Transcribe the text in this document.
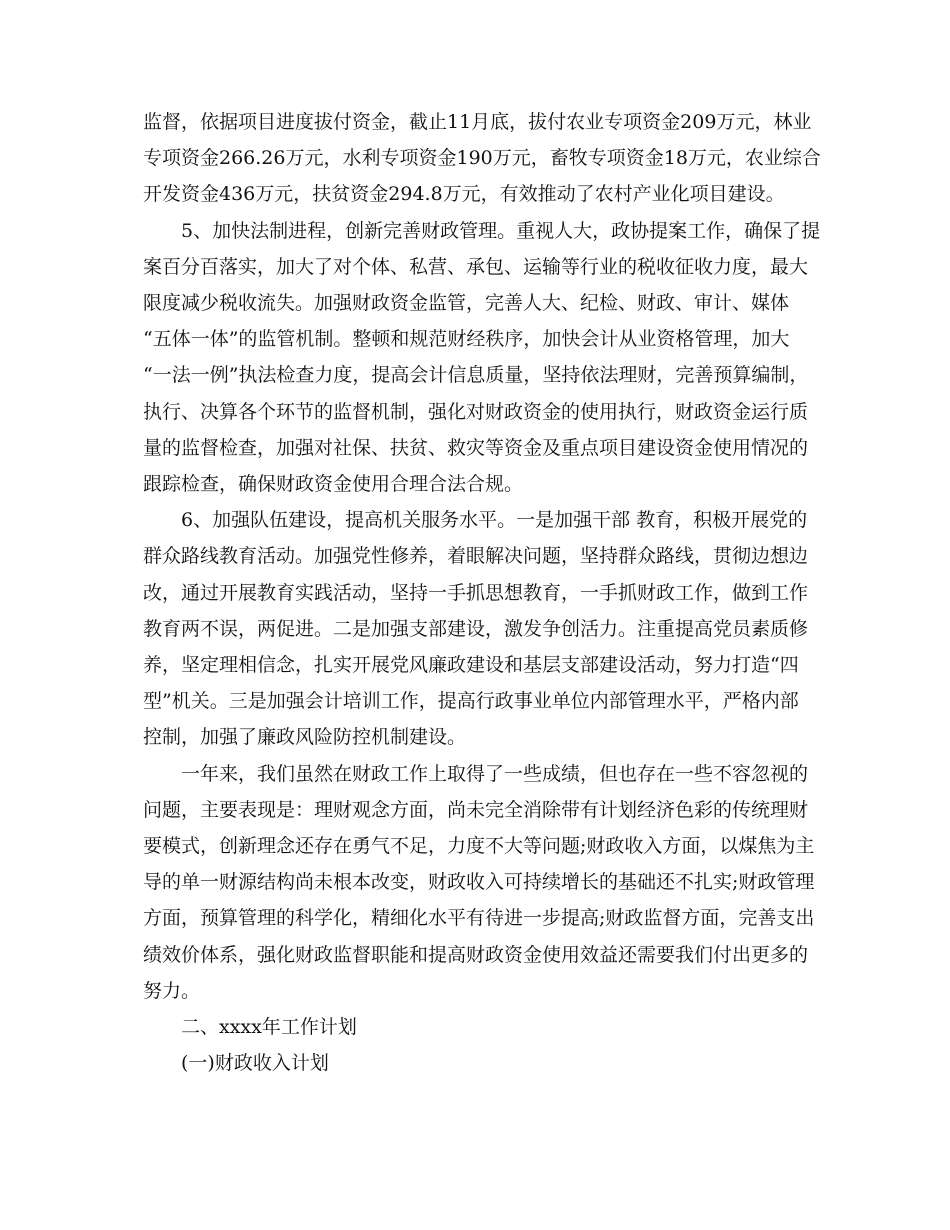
监督，依据项目进度拔付资金，截止11月底，拔付农业专项资金209万元，林业
专项资金266.26万元，水利专项资金190万元，畜牧专项资金18万元，农业综合
开发资金436万元，扶贫资金294.8万元，有效推动了农村产业化项目建设。
5、加快法制进程，创新完善财政管理。重视人大，政协提案工作，确保了提
案百分百落实，加大了对个体、私营、承包、运输等行业的税收征收力度，最大
限度减少税收流失。加强财政资金监管，完善人大、纪检、财政、审计、媒体
“五体一体”的监管机制。整顿和规范财经秩序，加快会计从业资格管理，加大
“一法一例”执法检查力度，提高会计信息质量，坚持依法理财，完善预算编制，
执行、决算各个环节的监督机制，强化对财政资金的使用执行，财政资金运行质
量的监督检查，加强对社保、扶贫、救灾等资金及重点项目建设资金使用情况的
跟踪检查，确保财政资金使用合理合法合规。
6、加强队伍建设，提高机关服务水平。一是加强干部 教育，积极开展党的
群众路线教育活动。加强党性修养，着眼解决问题，坚持群众路线，贯彻边想边
改，通过开展教育实践活动，坚持一手抓思想教育，一手抓财政工作，做到工作
教育两不误，两促进。二是加强支部建设，激发争创活力。注重提高党员素质修
养，坚定理相信念，扎实开展党风廉政建设和基层支部建设活动，努力打造“四
型”机关。三是加强会计培训工作，提高行政事业单位内部管理水平，严格内部
控制，加强了廉政风险防控机制建设。
一年来，我们虽然在财政工作上取得了一些成绩，但也存在一些不容忽视的
问题，主要表现是：理财观念方面，尚未完全消除带有计划经济色彩的传统理财
要模式，创新理念还存在勇气不足，力度不大等问题;财政收入方面，以煤焦为主
导的单一财源结构尚未根本改变，财政收入可持续增长的基础还不扎实;财政管理
方面，预算管理的科学化，精细化水平有待进一步提高;财政监督方面，完善支出
绩效价体系，强化财政监督职能和提高财政资金使用效益还需要我们付出更多的
努力。
二、xxxx年工作计划
(一)财政收入计划
